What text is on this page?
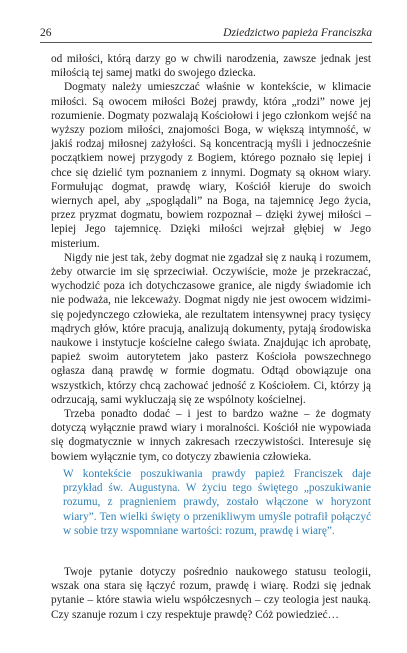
26	Dziedzictwo papieża Franciszka

od miłości, którą darzy go w chwili narodzenia, zawsze jednak jest miłością tej samej matki do swojego dziecka.

Dogmaty należy umieszczać właśnie w kontekście, w klimacie miłości. Są owocem miłości Bożej prawdy, która „rodzi” nowe jej rozumienie. Dogmaty pozwalają Kościołowi i jego członkom wejść na wyższy poziom miłości, znajomości Boga, w większą intymność, w jakiś rodzaj miłosnej zażyłości. Są koncentracją myśli i jednocześnie początkiem nowej przygody z Bogiem, którego poznało się lepiej i chce się dzielić tym poznaniem z innymi. Dogmaty są okном wiary. Formułując dogmat, prawdę wiary, Kościół kieruje do swoich wiernych apel, aby „spoglądali” na Boga, na tajemnicę Jego życia, przez pryzmat dogmatu, bowiem rozpoznał – dzięki żywej miłości – lepiej Jego tajemnicę. Dzięki miłości wejrzał głębiej w Jego misterium.

Nigdy nie jest tak, żeby dogmat nie zgadzał się z nauką i rozumem, żeby otwarcie im się sprzeciwiał. Oczywiście, może je przekraczać, wychodzić poza ich dotychczasowe granice, ale nigdy świadomie ich nie podważa, nie lekceważy. Dogmat nigdy nie jest owocem widzimi-się pojedynczego człowieka, ale rezultatem intensywnej pracy tysięcy mądrych głów, które pracują, analizują dokumenty, pytają środowiska naukowe i instytucje kościelne całego świata. Znajdując ich aprobatę, papież swoim autorytetem jako pasterz Kościoła powszechnego ogłasza daną prawdę w formie dogmatu. Odtąd obowiązuje ona wszystkich, którzy chcą zachować jedność z Kościołem. Ci, którzy ją odrzucają, sami wykluczają się ze wspólnoty kościelnej.

Trzeba ponadto dodać – i jest to bardzo ważne – że dogmaty dotyczą wyłącznie prawd wiary i moralności. Kościół nie wypowiada się dogmatycznie w innych zakresach rzeczywistości. Interesuje się bowiem wyłącznie tym, co dotyczy zbawienia człowieka.

W kontekście poszukiwania prawdy papież Franciszek daje przykład św. Augustyna. W życiu tego świętego „poszukiwanie rozumu, z pragnieniem prawdy, zostało włączone w horyzont wiary”. Ten wielki święty o przenikliwym umyśle potrafił połączyć w sobie trzy wspomniane wartości: rozum, prawdę i wiarę”.

Twoje pytanie dotyczy pośrednio naukowego statusu teologii, wszak ona stara się łączyć rozum, prawdę i wiarę. Rodzi się jednak pytanie – które stawia wielu współczesnych – czy teologia jest nauką. Czy szanuje rozum i czy respektuje prawdę? Cóż powiedzieć…
